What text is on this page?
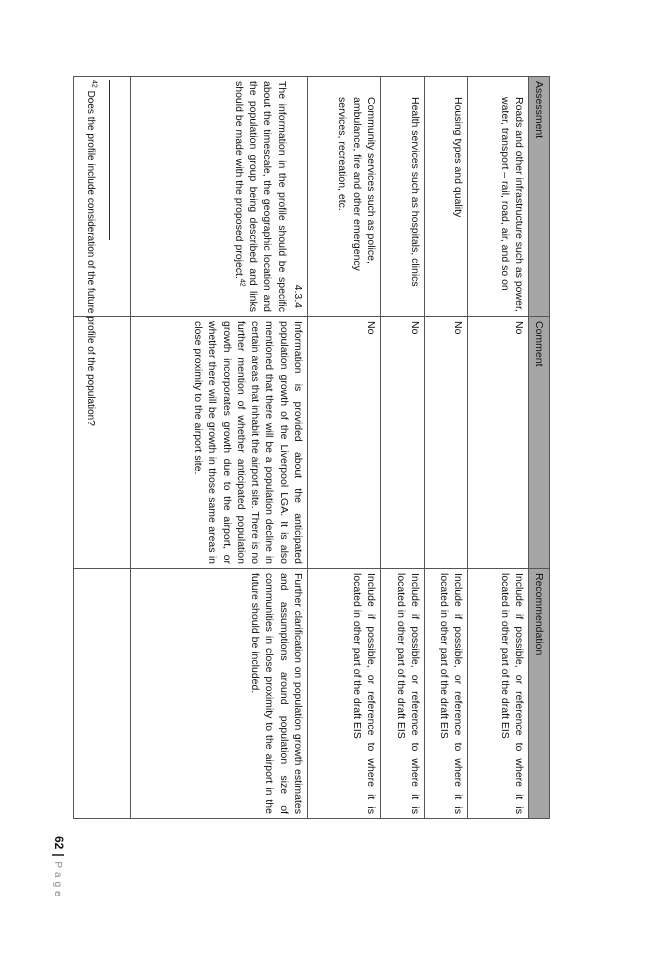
Assessment	Comment	Recommendation
Roads and other infrastructure such as power, water, transport – rail, road, air, and so on	No	Include if possible, or reference to where it is located in other part of the draft EIS
Housing types and quality	No	Include if possible, or reference to where it is located in other part of the draft EIS
Health services such as hospitals, clinics	No	Include if possible, or reference to where it is located in other part of the draft EIS
Community services such as police, ambulance, fire and other emergency services, recreation, etc.	No	Include if possible, or reference to where it is located in other part of the draft EIS

4.3.4
The information in the profile should be specific about the timescale, the geographic location and the population group being described and links should be made with the proposed project.$^{42}$	Information is provided about the anticipated population growth of the Liverpool LGA. It is also mentioned that there will be a population decline in certain areas that inhabit the airport site. There is no further mention of whether anticipated population growth incorporates growth due to the airport, or whether there will be growth in those same areas in close proximity to the airport site.	Further clarification on population growth estimates and assumptions around population size of communities in close proximity to the airport in the future should be included.

$^{42}$ Does the profile include consideration of the future profile of the population?
62Page
